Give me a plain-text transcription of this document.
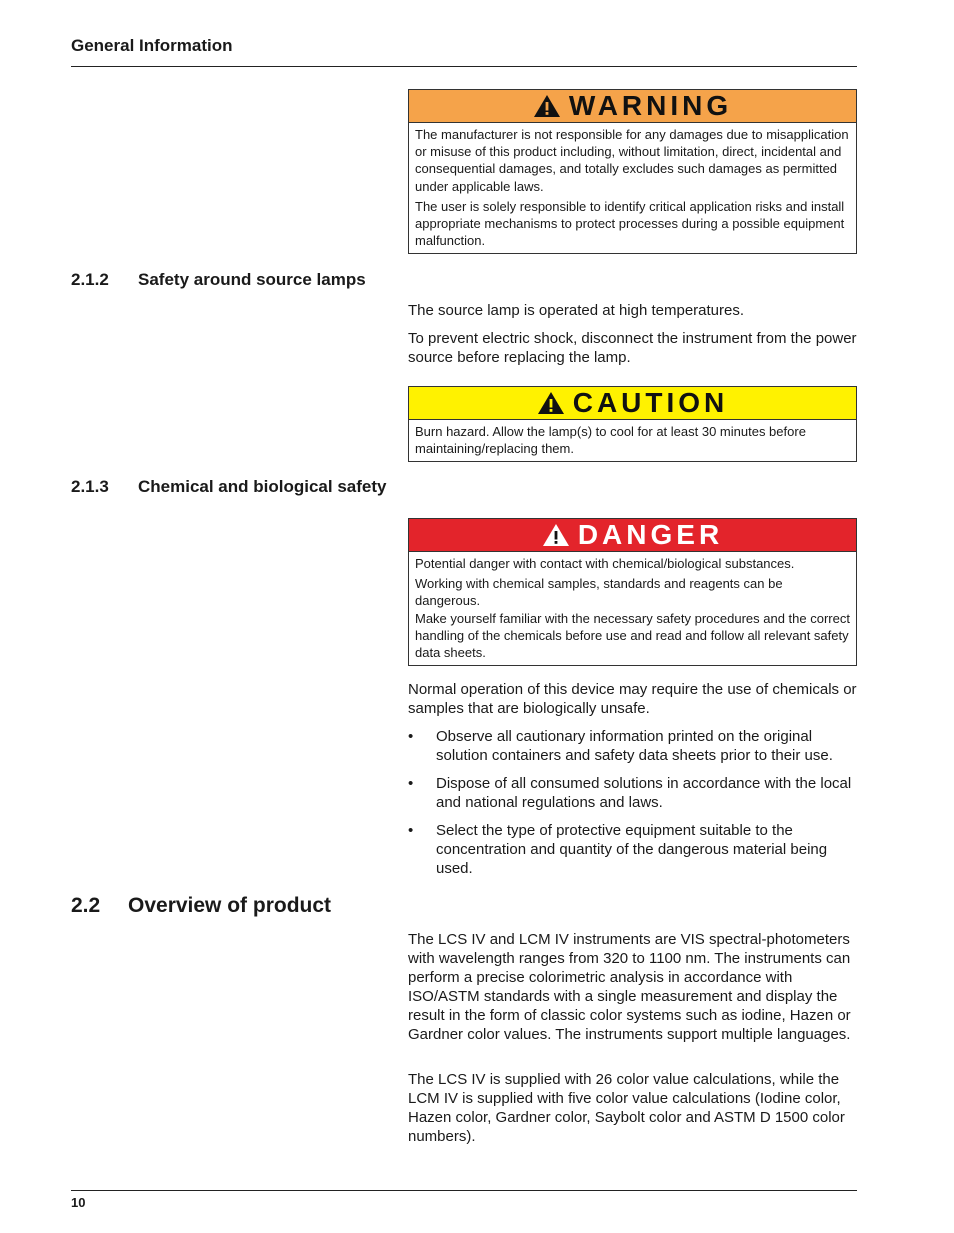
General Information
WARNING

The manufacturer is not responsible for any damages due to misapplication or misuse of this product including, without limitation, direct, incidental and consequential damages, and totally excludes such damages as permitted under applicable laws.

The user is solely responsible to identify critical application risks and install appropriate mechanisms to protect processes during a possible equipment malfunction.

2.1.2 Safety around source lamps
The source lamp is operated at high temperatures.
To prevent electric shock, disconnect the instrument from the power source before replacing the lamp.
CAUTION

Burn hazard. Allow the lamp(s) to cool for at least 30 minutes before maintaining/replacing them.

2.1.3 Chemical and biological safety
DANGER

Potential danger with contact with chemical/biological substances.

Working with chemical samples, standards and reagents can be dangerous.

Make yourself familiar with the necessary safety procedures and the correct handling of the chemicals before use and read and follow all relevant safety data sheets.

Normal operation of this device may require the use of chemicals or samples that are biologically unsafe.
• Observe all cautionary information printed on the original solution containers and safety data sheets prior to their use.
• Dispose of all consumed solutions in accordance with the local and national regulations and laws.
• Select the type of protective equipment suitable to the concentration and quantity of the dangerous material being used.
2.2 Overview of product
The LCS IV and LCM IV instruments are VIS spectral-photometers with wavelength ranges from 320 to 1100 nm. The instruments can perform a precise colorimetric analysis in accordance with ISO/ASTM standards with a single measurement and display the result in the form of classic color systems such as iodine, Hazen or Gardner color values. The instruments support multiple languages.
The LCS IV is supplied with 26 color value calculations, while the LCM IV is supplied with five color value calculations (Iodine color, Hazen color, Gardner color, Saybolt color and ASTM D 1500 color numbers).
10
